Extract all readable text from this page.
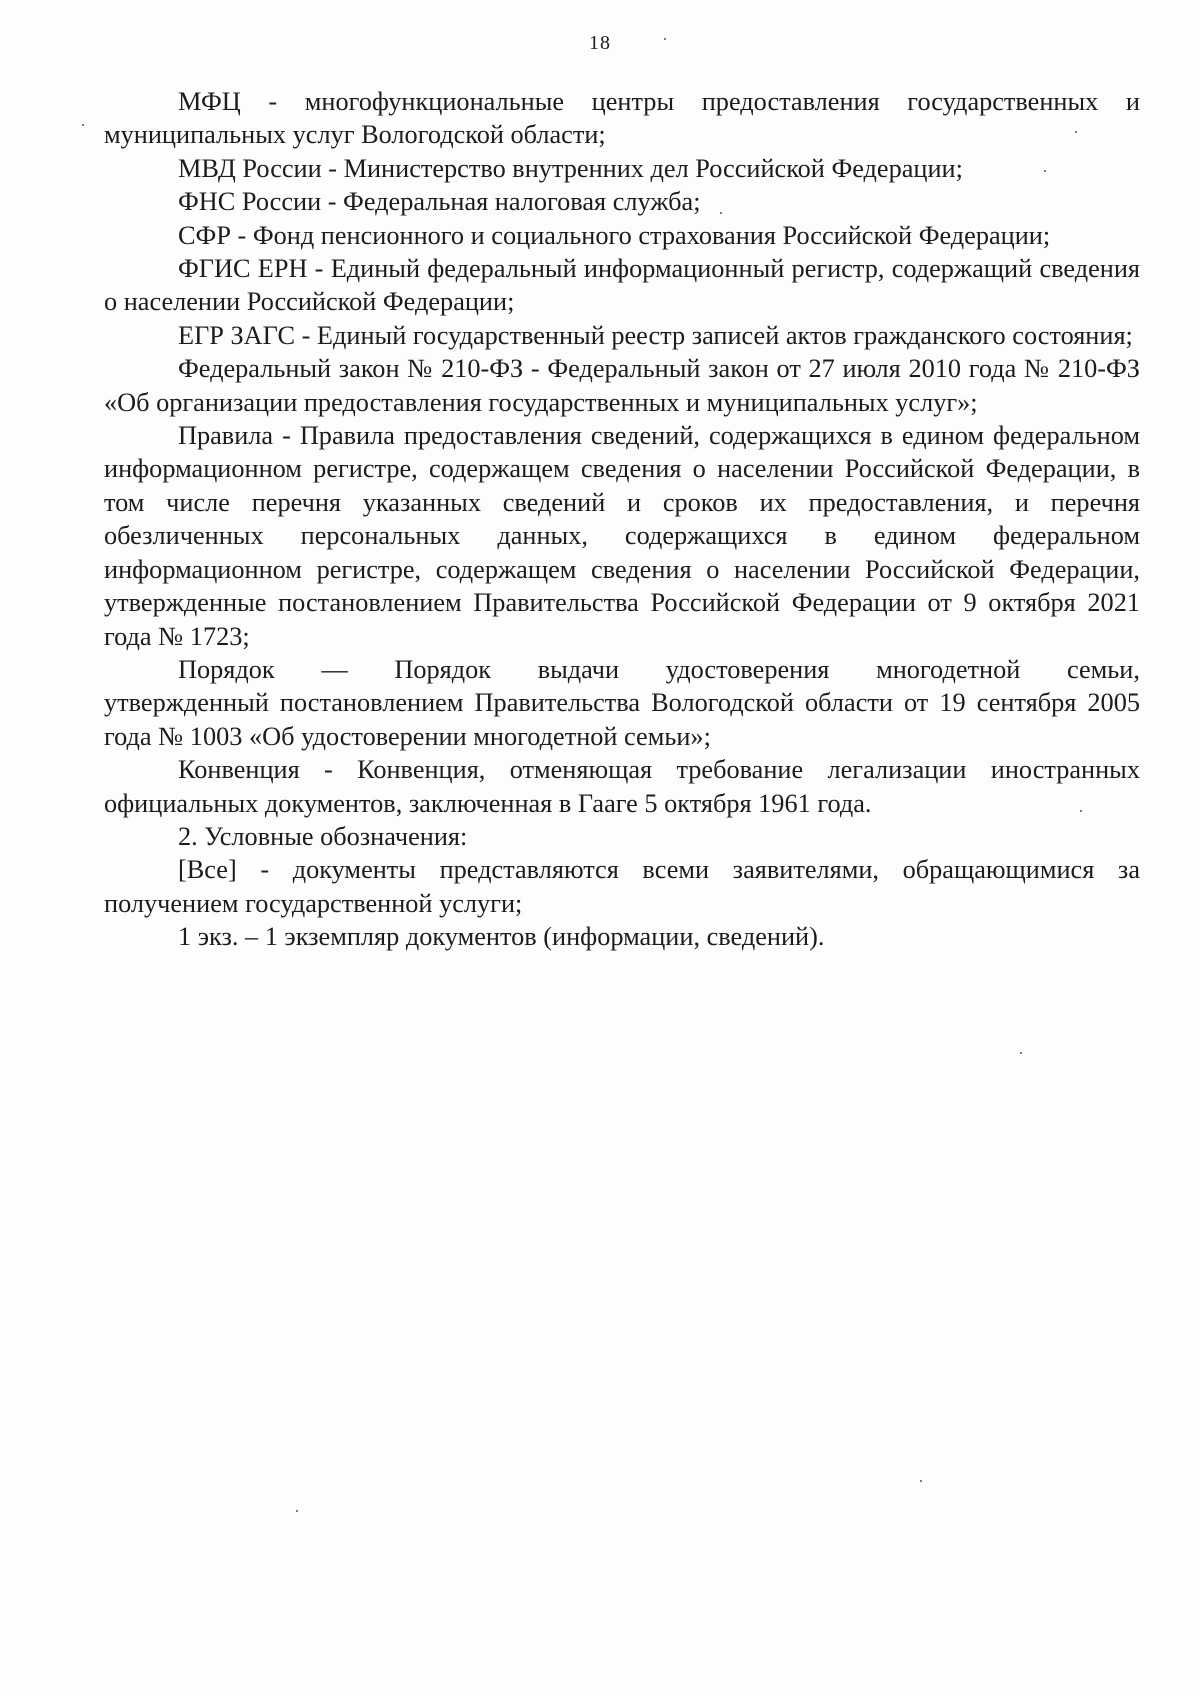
18

МФЦ - многофункциональные центры предоставления государственных и муниципальных услуг Вологодской области;

МВД России - Министерство внутренних дел Российской Федерации;

ФНС России - Федеральная налоговая служба;

СФР - Фонд пенсионного и социального страхования Российской Федерации;

ФГИС ЕРН - Единый федеральный информационный регистр, содержащий сведения о населении Российской Федерации;

ЕГР ЗАГС - Единый государственный реестр записей актов гражданского состояния;

Федеральный закон № 210-ФЗ - Федеральный закон от 27 июля 2010 года № 210-ФЗ «Об организации предоставления государственных и муниципальных услуг»;

Правила - Правила предоставления сведений, содержащихся в едином федеральном информационном регистре, содержащем сведения о населении Российской Федерации, в том числе перечня указанных сведений и сроков их предоставления, и перечня обезличенных персональных данных, содержащихся в едином федеральном информационном регистре, содержащем сведения о населении Российской Федерации, утвержденные постановлением Правительства Российской Федерации от 9 октября 2021 года № 1723;

Порядок — Порядок выдачи удостоверения многодетной семьи,

утвержденный постановлением Правительства Вологодской области от 19 сентября 2005 года № 1003 «Об удостоверении многодетной семьи»;

Конвенция - Конвенция, отменяющая требование легализации иностранных официальных документов, заключенная в Гааге 5 октября 1961 года.

2. Условные обозначения:

[Все] - документы представляются всеми заявителями, обращающимися за получением государственной услуги;

1 экз. – 1 экземпляр документов (информации, сведений).
